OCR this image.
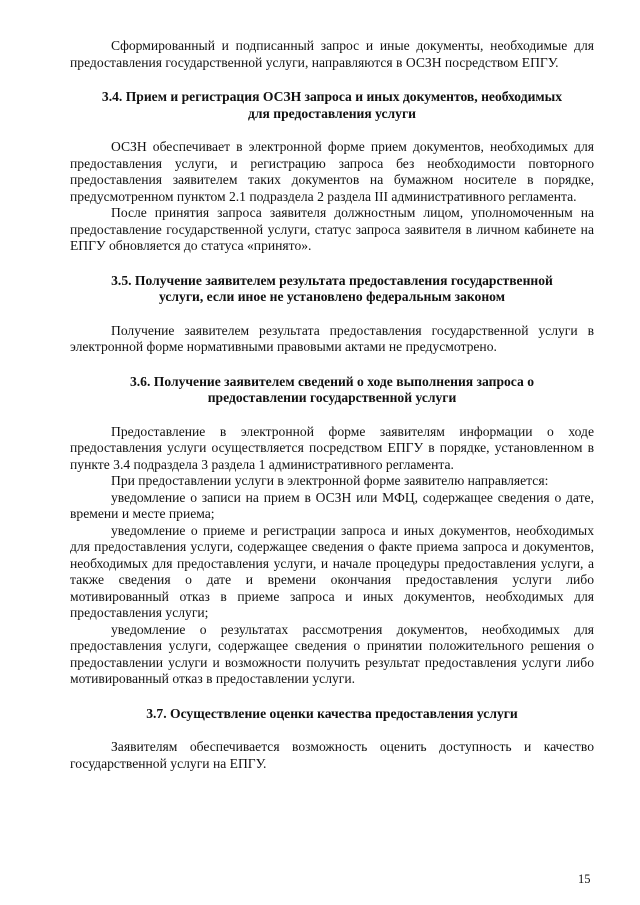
Сформированный и подписанный запрос и иные документы, необходимые для предоставления государственной услуги, направляются в ОСЗН посредством ЕПГУ.

3.4. Прием и регистрация ОСЗН запроса и иных документов, необходимых для предоставления услуги

ОСЗН обеспечивает в электронной форме прием документов, необходимых для предоставления услуги, и регистрацию запроса без необходимости повторного предоставления заявителем таких документов на бумажном носителе в порядке, предусмотренном пунктом 2.1 подраздела 2 раздела III административного регламента.

После принятия запроса заявителя должностным лицом, уполномоченным на предоставление государственной услуги, статус запроса заявителя в личном кабинете на ЕПГУ обновляется до статуса «принято».

3.5. Получение заявителем результата предоставления государственной услуги, если иное не установлено федеральным законом

Получение заявителем результата предоставления государственной услуги в электронной форме нормативными правовыми актами не предусмотрено.

3.6. Получение заявителем сведений о ходе выполнения запроса о предоставлении государственной услуги

Предоставление в электронной форме заявителям информации о ходе предоставления услуги осуществляется посредством ЕПГУ в порядке, установленном в пункте 3.4 подраздела 3 раздела 1 административного регламента.

При предоставлении услуги в электронной форме заявителю направляется:

уведомление о записи на прием в ОСЗН или МФЦ, содержащее сведения о дате, времени и месте приема;

уведомление о приеме и регистрации запроса и иных документов, необходимых для предоставления услуги, содержащее сведения о факте приема запроса и документов, необходимых для предоставления услуги, и начале процедуры предоставления услуги, а также сведения о дате и времени окончания предоставления услуги либо мотивированный отказ в приеме запроса и иных документов, необходимых для предоставления услуги;

уведомление о результатах рассмотрения документов, необходимых для предоставления услуги, содержащее сведения о принятии положительного решения о предоставлении услуги и возможности получить результат предоставления услуги либо мотивированный отказ в предоставлении услуги.

3.7. Осуществление оценки качества предоставления услуги

Заявителям обеспечивается возможность оценить доступность и качество государственной услуги на ЕПГУ.

15
